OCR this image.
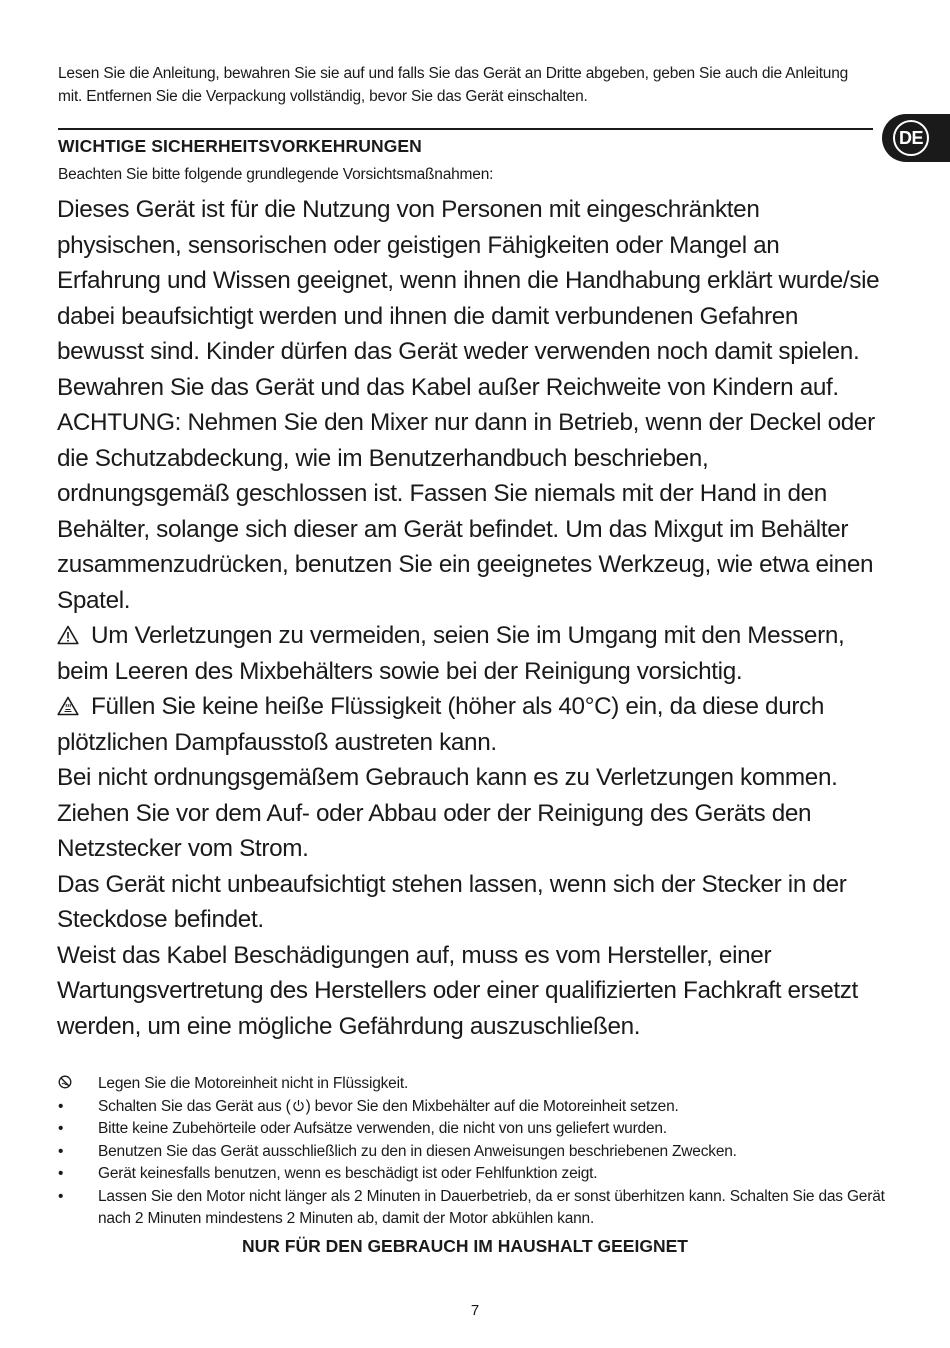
Lesen Sie die Anleitung, bewahren Sie sie auf und falls Sie das Gerät an Dritte abgeben, geben Sie auch die Anleitung mit. Entfernen Sie die Verpackung vollständig, bevor Sie das Gerät einschalten.
DE
WICHTIGE SICHERHEITSVORKEHRUNGEN
Beachten Sie bitte folgende grundlegende Vorsichtsmaßnahmen:

Dieses Gerät ist für die Nutzung von Personen mit eingeschränkten physischen, sensorischen oder geistigen Fähigkeiten oder Mangel an Erfahrung und Wissen geeignet, wenn ihnen die Handhabung erklärt wurde/sie dabei beaufsichtigt werden und ihnen die damit verbundenen Gefahren bewusst sind. Kinder dürfen das Gerät weder verwenden noch damit spielen. Bewahren Sie das Gerät und das Kabel außer Reichweite von Kindern auf.

ACHTUNG: Nehmen Sie den Mixer nur dann in Betrieb, wenn der Deckel oder die Schutzabdeckung, wie im Benutzerhandbuch beschrieben, ordnungsgemäß geschlossen ist. Fassen Sie niemals mit der Hand in den Behälter, solange sich dieser am Gerät befindet. Um das Mixgut im Behälter zusammenzudrücken, benutzen Sie ein geeignetes Werkzeug, wie etwa einen Spatel.

Um Verletzungen zu vermeiden, seien Sie im Umgang mit den Messern, beim Leeren des Mixbehälters sowie bei der Reinigung vorsichtig.

Füllen Sie keine heiße Flüssigkeit (höher als 40°C) ein, da diese durch plötzlichen Dampfausstoß austreten kann.

Bei nicht ordnungsgemäßem Gebrauch kann es zu Verletzungen kommen. Ziehen Sie vor dem Auf- oder Abbau oder der Reinigung des Geräts den Netzstecker vom Strom.

Das Gerät nicht unbeaufsichtigt stehen lassen, wenn sich der Stecker in der Steckdose befindet.

Weist das Kabel Beschädigungen auf, muss es vom Hersteller, einer Wartungsvertretung des Herstellers oder einer qualifizierten Fachkraft ersetzt werden, um eine mögliche Gefährdung auszuschließen.

Legen Sie die Motoreinheit nicht in Flüssigkeit.
•	Schalten Sie das Gerät aus ( ) bevor Sie den Mixbehälter auf die Motoreinheit setzen.
•	Bitte keine Zubehörteile oder Aufsätze verwenden, die nicht von uns geliefert wurden.
•	Benutzen Sie das Gerät ausschließlich zu den in diesen Anweisungen beschriebenen Zwecken.
•	Gerät keinesfalls benutzen, wenn es beschädigt ist oder Fehlfunktion zeigt.
•	Lassen Sie den Motor nicht länger als 2 Minuten in Dauerbetrieb, da er sonst überhitzen kann. Schalten Sie das Gerät nach 2 Minuten mindestens 2 Minuten ab, damit der Motor abkühlen kann.
NUR FÜR DEN GEBRAUCH IM HAUSHALT GEEIGNET
7
